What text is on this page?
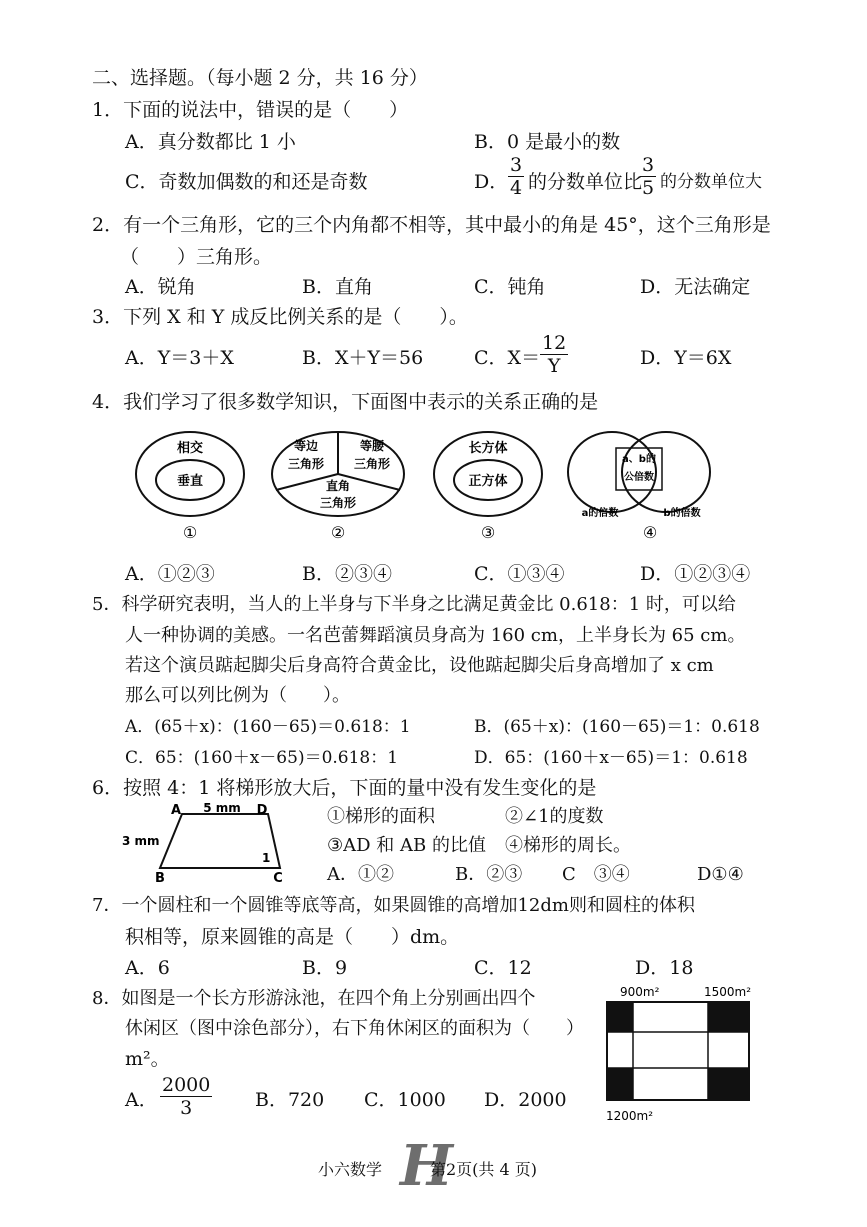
二、选择题。（每小题 2 分，共 16 分）
1．下面的说法中，错误的是（　　）
A．真分数都比 1 小	B．0 是最小的数
C．奇数加偶数的和还是奇数	D． $\frac{3}{4}$ 的分数单位比
$\frac{3}{5}$ 的分数单位大
2．有一个三角形，它的三个内角都不相等，其中最小的角是 45°，这个三角形是
（　　）三角形。
A．锐角	B．直角	C．钝角	D．无法确定
3．下列 X 和 Y 成反比例关系的是（　　）。
A．Y＝3＋X	B．X＋Y＝56	C．$X= \frac{12}{Y}$	D．Y＝6X
4．我们学习了很多数学知识，下面图中表示的关系正确的是
相交
垂直
①
等边
三角形
等腰
三角形
直角
三角形
②
长方体
正方体
③
a、b的
公倍数
a的倍数	b的倍数
④
A．①②③	B．②③④	C．①③④	D．①②③④
5．科学研究表明，当人的上半身与下半身之比满足黄金比 0.618：1 时，可以给
人一种协调的美感。一名芭蕾舞蹈演员身高为 160 cm，上半身长为 65 cm。
若这个演员踮起脚尖后身高符合黄金比，设他踮起脚尖后身高增加了 x cm
那么可以列比例为（　　）。
A．(65＋x)：(160－65)＝0.618：1	B．(65＋x)：(160－65)＝1：0.618
C．65：(160＋x－65)＝0.618：1	D．65：(160＋x－65)＝1：0.618
6．按照 4：1 将梯形放大后，下面的量中没有发生变化的是
A	D
B	C
5 mm
3 mm
1
①梯形的面积	②∠1的度数
③AD 和 AB 的比值 ④梯形的周长。
A．①②	B．②③ C　③④	D①④
7．一个圆柱和一个圆锥等底等高，如果圆锥的高增加12dm则和圆柱的体积
积相等，原来圆锥的高是（　　）dm。
A．6	B．9	C．12	D．18
8．如图是一个长方形游泳池，在四个角上分别画出四个
休闲区（图中涂色部分），右下角休闲区的面积为（　　）
m²。
A． $\frac{2000}{3}$ B．720 C．1000 D．2000
900m²	1500m²
1200m²
小六数学 H
第2页(共 4 页)
